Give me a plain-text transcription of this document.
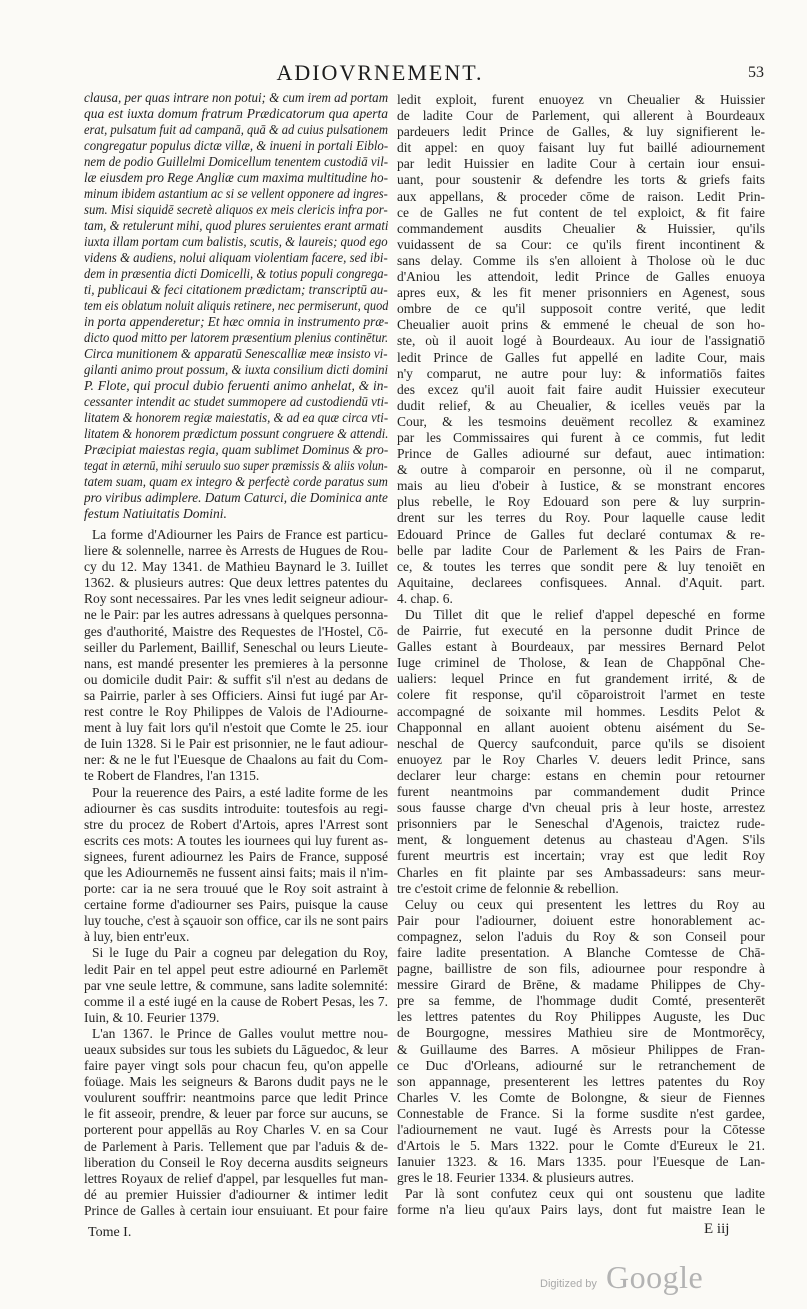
ADIOVRNEMENT.	53
clausa, per quas intrare non potui; & cum irem ad portam
qua est iuxta domum fratrum Prædicatorum qua aperta
erat, pulsatum fuit ad campanā, quā & ad cuius pulsationem
congregatur populus dictæ villæ, & inueni in portali Eiblo-
nem de podio Guillelmi Domicellum tenentem custodiā vil-
læ eiusdem pro Rege Angliæ cum maxima multitudine ho-
minum ibidem astantium ac si se vellent opponere ad ingres-
sum. Misi siquidē secretè aliquos ex meis clericis infra por-
tam, & retulerunt mihi, quod plures seruientes erant armati
iuxta illam portam cum balistis, scutis, & laureis; quod ego
videns & audiens, nolui aliquam violentiam facere, sed ibi-
dem in præsentia dicti Domicelli, & totius populi congrega-
ti, publicaui & feci citationem prædictam; transcriptū au-
tem eis oblatum noluit aliquis retinere, nec permiserunt, quod
in porta appenderetur; Et hæc omnia in instrumento præ-
dicto quod mitto per latorem præsentium plenius continētur.
Circa munitionem & apparatū Senescalliæ meæ insisto vi-
gilanti animo prout possum, & iuxta consilium dicti domini
P. Flote, qui procul dubio feruenti animo anhelat, & in-
cessanter intendit ac studet summopere ad custodiendū vti-
litatem & honorem regiæ maiestatis, & ad ea quæ circa vti-
litatem & honorem prædictum possunt congruere & attendi.
Præcipiat maiestas regia, quam sublimet Dominus & pro-
tegat in æternū, mihi seruulo suo super præmissis & aliis volun-
tatem suam, quam ex integro & perfectè corde paratus sum
pro viribus adimplere. Datum Caturci, die Dominica ante
festum Natiuitatis Domini.
La forme d'Adiourner les Pairs de France est particu-
liere & solennelle, narree ès Arrests de Hugues de Rou-
cy du 12. May 1341. de Mathieu Baynard le 3. Iuillet
1362. & plusieurs autres: Que deux lettres patentes du
Roy sont necessaires. Par les vnes ledit seigneur adiour-
ne le Pair: par les autres adressans à quelques personna-
ges d'authorité, Maistre des Requestes de l'Hostel, Cō-
seiller du Parlement, Baillif, Seneschal ou leurs Lieute-
nans, est mandé presenter les premieres à la personne
ou domicile dudit Pair: & suffit s'il n'est au dedans de
sa Pairrie, parler à ses Officiers. Ainsi fut iugé par Ar-
rest contre le Roy Philippes de Valois de l'Adiourne-
ment à luy fait lors qu'il n'estoit que Comte le 25. iour
de Iuin 1328. Si le Pair est prisonnier, ne le faut adiour-
ner: & ne le fut l'Euesque de Chaalons au fait du Com-
te Robert de Flandres, l'an 1315.
Pour la reuerence des Pairs, a esté ladite forme de les
adiourner ès cas susdits introduite: toutesfois au regi-
stre du procez de Robert d'Artois, apres l'Arrest sont
escrits ces mots: A toutes les iournees qui luy furent as-
signees, furent adiournez les Pairs de France, supposé
que les Adiournemēs ne fussent ainsi faits; mais il n'im-
porte: car ia ne sera trouué que le Roy soit astraint à
certaine forme d'adiourner ses Pairs, puisque la cause
luy touche, c'est à sçauoir son office, car ils ne sont pairs
à luy, bien entr'eux.
Si le Iuge du Pair a cogneu par delegation du Roy,
ledit Pair en tel appel peut estre adiourné en Parlemēt
par vne seule lettre, & commune, sans ladite solemnité:
comme il a esté iugé en la cause de Robert Pesas, les 7.
Iuin, & 10. Feurier 1379.
L'an 1367. le Prince de Galles voulut mettre nou-
ueaux subsides sur tous les subiets du Lāguedoc, & leur
faire payer vingt sols pour chacun feu, qu'on appelle
foüage. Mais les seigneurs & Barons dudit pays ne le
voulurent souffrir: neantmoins parce que ledit Prince
le fit asseoir, prendre, & leuer par force sur aucuns, se
porterent pour appellās au Roy Charles V. en sa Cour
de Parlement à Paris. Tellement que par l'aduis & de-
liberation du Conseil le Roy decerna ausdits seigneurs
lettres Royaux de relief d'appel, par lesquelles fut man-
dé au premier Huissier d'adiourner & intimer ledit
Prince de Galles à certain iour ensuiuant. Et pour faire
ledit exploit, furent enuoyez vn Cheualier & Huissier
de ladite Cour de Parlement, qui allerent à Bourdeaux
pardeuers ledit Prince de Galles, & luy signifierent le-
dit appel: en quoy faisant luy fut baillé adiournement
par ledit Huissier en ladite Cour à certain iour ensui-
uant, pour soustenir & defendre les torts & griefs faits
aux appellans, & proceder cōme de raison. Ledit Prin-
ce de Galles ne fut content de tel exploict, & fit faire
commandement ausdits Cheualier & Huissier, qu'ils
vuidassent de sa Cour: ce qu'ils firent incontinent &
sans delay. Comme ils s'en alloient à Tholose où le duc
d'Aniou les attendoit, ledit Prince de Galles enuoya
apres eux, & les fit mener prisonniers en Agenest, sous
ombre de ce qu'il supposoit contre verité, que ledit
Cheualier auoit prins & emmené le cheual de son ho-
ste, où il auoit logé à Bourdeaux. Au iour de l'assignatiō
ledit Prince de Galles fut appellé en ladite Cour, mais
n'y comparut, ne autre pour luy: & informatiōs faites
des excez qu'il auoit fait faire audit Huissier executeur
dudit relief, & au Cheualier, & icelles veuës par la
Cour, & les tesmoins deuëment recollez & examinez
par les Commissaires qui furent à ce commis, fut ledit
Prince de Galles adiourné sur defaut, auec intimation:
& outre à comparoir en personne, où il ne comparut,
mais au lieu d'obeir à Iustice, & se monstrant encores
plus rebelle, le Roy Edouard son pere & luy surprin-
drent sur les terres du Roy. Pour laquelle cause ledit
Edouard Prince de Galles fut declaré contumax & re-
belle par ladite Cour de Parlement & les Pairs de Fran-
ce, & toutes les terres que sondit pere & luy tenoiēt en
Aquitaine, declarees confisquees. Annal. d'Aquit. part.
4. chap. 6.
Du Tillet dit que le relief d'appel depesché en forme
de Pairrie, fut executé en la personne dudit Prince de
Galles estant à Bourdeaux, par messires Bernard Pelot
Iuge criminel de Tholose, & Iean de Chappōnal Che-
ualiers: lequel Prince en fut grandement irrité, & de
colere fit response, qu'il cōparoistroit l'armet en teste
accompagné de soixante mil hommes. Lesdits Pelot &
Chapponnal en allant auoient obtenu aisément du Se-
neschal de Quercy saufconduit, parce qu'ils se disoient
enuoyez par le Roy Charles V. deuers ledit Prince, sans
declarer leur charge: estans en chemin pour retourner
furent neantmoins par commandement dudit Prince
sous fausse charge d'vn cheual pris à leur hoste, arrestez
prisonniers par le Seneschal d'Agenois, traictez rude-
ment, & longuement detenus au chasteau d'Agen. S'ils
furent meurtris est incertain; vray est que ledit Roy
Charles en fit plainte par ses Ambassadeurs: sans meur-
tre c'estoit crime de felonnie & rebellion.
Celuy ou ceux qui presentent les lettres du Roy au
Pair pour l'adiourner, doiuent estre honorablement ac-
compagnez, selon l'aduis du Roy & son Conseil pour
faire ladite presentation. A Blanche Comtesse de Chā-
pagne, baillistre de son fils, adiournee pour respondre à
messire Girard de Brēne, & madame Philippes de Chy-
pre sa femme, de l'hommage dudit Comté, presenterēt
les lettres patentes du Roy Philippes Auguste, les Duc
de Bourgogne, messires Mathieu sire de Montmorēcy,
& Guillaume des Barres. A mōsieur Philippes de Fran-
ce Duc d'Orleans, adiourné sur le retranchement de
son appannage, presenterent les lettres patentes du Roy
Charles V. les Comte de Bolongne, & sieur de Fiennes
Connestable de France. Si la forme susdite n'est gardee,
l'adiournement ne vaut. Iugé ès Arrests pour la Cōtesse
d'Artois le 5. Mars 1322. pour le Comte d'Eureux le 21.
Ianuier 1323. & 16. Mars 1335. pour l'Euesque de Lan-
gres le 18. Feurier 1334. & plusieurs autres.
Par là sont confutez ceux qui ont soustenu que ladite
forme n'a lieu qu'aux Pairs lays, dont fut maistre Iean le
Tome I.	E iij
Digitized by Google
